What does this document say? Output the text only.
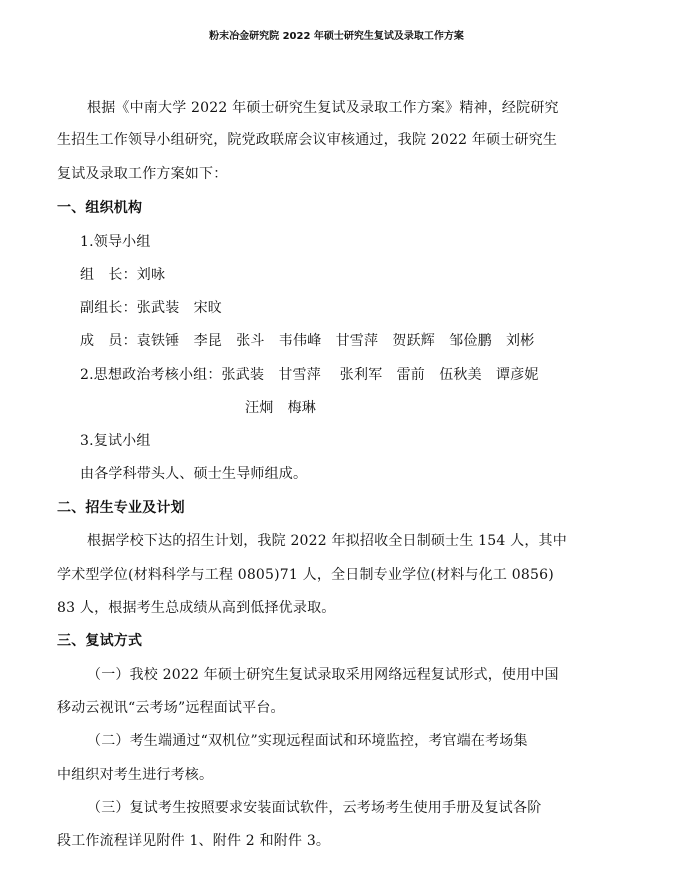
粉末冶金研究院 2022 年硕士研究生复试及录取工作方案
根据《中南大学 2022 年硕士研究生复试及录取工作方案》精神，经院研究
生招生工作领导小组研究，院党政联席会议审核通过，我院 2022 年硕士研究生
复试及录取工作方案如下：
一、组织机构
1.领导小组
组　长：刘咏
副组长：张武装　宋旼
成　员：袁铁锤　李昆　张斗　韦伟峰　甘雪萍　贺跃辉　邹俭鹏　刘彬
2.思想政治考核小组：张武装　甘雪萍　 张利军　雷前　伍秋美　谭彦妮
汪炯　梅琳
3.复试小组
由各学科带头人、硕士生导师组成。
二、招生专业及计划
根据学校下达的招生计划，我院 2022 年拟招收全日制硕士生 154 人，其中
学术型学位(材料科学与工程 0805)71 人，全日制专业学位(材料与化工 0856)
83 人，根据考生总成绩从高到低择优录取。
三、复试方式
（一）我校 2022 年硕士研究生复试录取采用网络远程复试形式，使用中国
移动云视讯“云考场”远程面试平台。
（二）考生端通过“双机位”实现远程面试和环境监控，考官端在考场集
中组织对考生进行考核。
（三）复试考生按照要求安装面试软件，云考场考生使用手册及复试各阶
段工作流程详见附件 1、附件 2 和附件 3。
